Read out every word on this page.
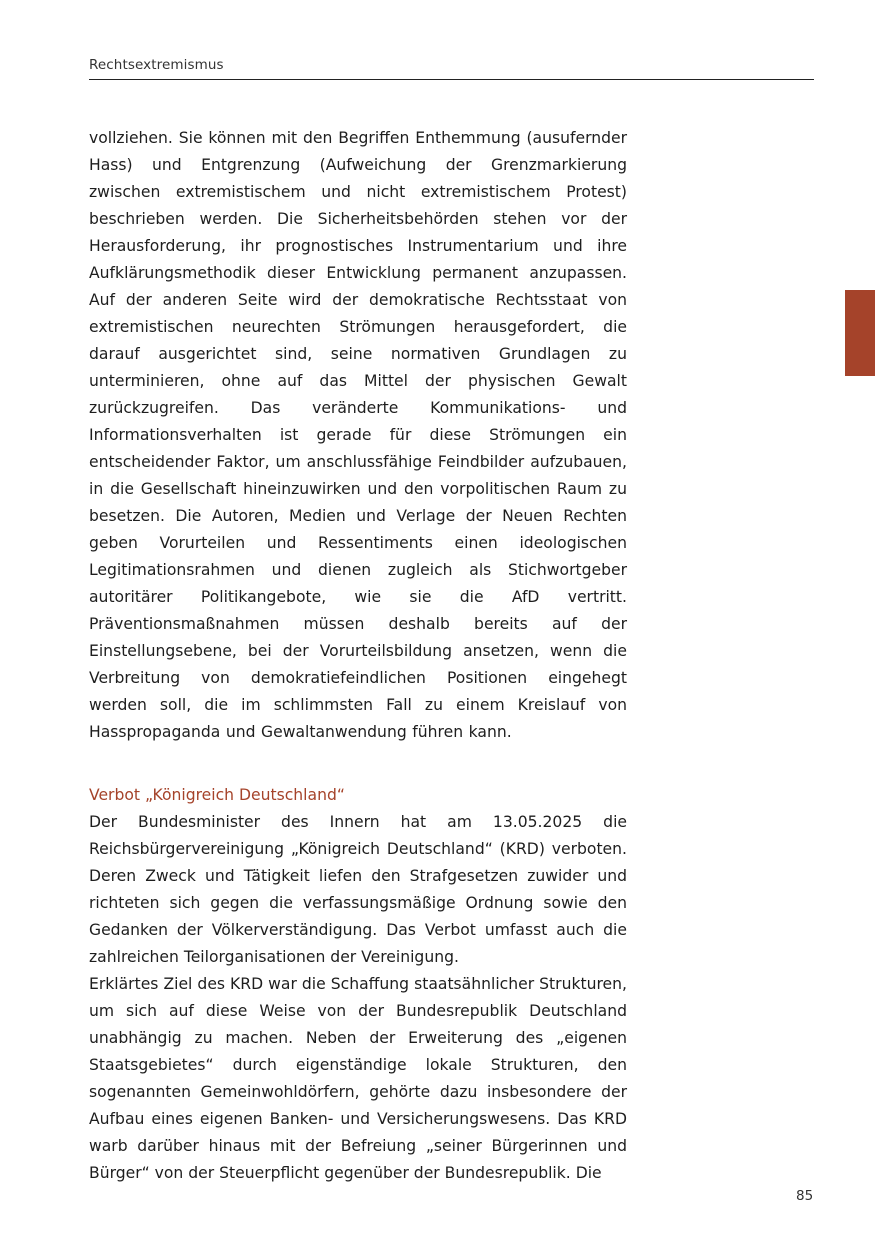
Rechtsextremismus

vollziehen. Sie können mit den Begriffen Enthemmung (ausufernder Hass) und Entgrenzung (Aufweichung der Grenzmarkierung zwischen extremistischem und nicht extremistischem Protest) beschrieben werden. Die Sicherheitsbehörden stehen vor der Herausforderung, ihr prognostisches Instrumentarium und ihre Aufklärungsmethodik dieser Entwicklung permanent anzupassen. Auf der anderen Seite wird der demokratische Rechtsstaat von extremistischen neurechten Strömungen herausgefordert, die darauf ausgerichtet sind, seine normativen Grundlagen zu unterminieren, ohne auf das Mittel der physischen Gewalt zurückzugreifen. Das veränderte Kommunikations- und Informationsverhalten ist gerade für diese Strömungen ein entscheidender Faktor, um anschlussfähige Feindbilder aufzubauen, in die Gesellschaft hineinzuwirken und den vorpolitischen Raum zu besetzen. Die Autoren, Medien und Verlage der Neuen Rechten geben Vorurteilen und Ressentiments einen ideologischen Legitimationsrahmen und dienen zugleich als Stichwortgeber autoritärer Politikangebote, wie sie die AfD vertritt. Präventionsmaßnahmen müssen deshalb bereits auf der Einstellungsebene, bei der Vorurteilsbildung ansetzen, wenn die Verbreitung von demokratiefeindlichen Positionen eingehegt werden soll, die im schlimmsten Fall zu einem Kreislauf von Hasspropaganda und Gewaltanwendung führen kann.

Verbot „Königreich Deutschland“

Der Bundesminister des Innern hat am 13.05.2025 die Reichsbürgervereinigung „Königreich Deutschland“ (KRD) verboten. Deren Zweck und Tätigkeit liefen den Strafgesetzen zuwider und richteten sich gegen die verfassungsmäßige Ordnung sowie den Gedanken der Völkerverständigung. Das Verbot umfasst auch die zahlreichen Teilorganisationen der Vereinigung.

Erklärtes Ziel des KRD war die Schaffung staatsähnlicher Strukturen, um sich auf diese Weise von der Bundesrepublik Deutschland unabhängig zu machen. Neben der Erweiterung des „eigenen Staatsgebietes“ durch eigenständige lokale Strukturen, den sogenannten Gemeinwohldörfern, gehörte dazu insbesondere der Aufbau eines eigenen Banken- und Versicherungswesens. Das KRD warb darüber hinaus mit der Befreiung „seiner Bürgerinnen und Bürger“ von der Steuerpflicht gegenüber der Bundesrepublik. Die

85
